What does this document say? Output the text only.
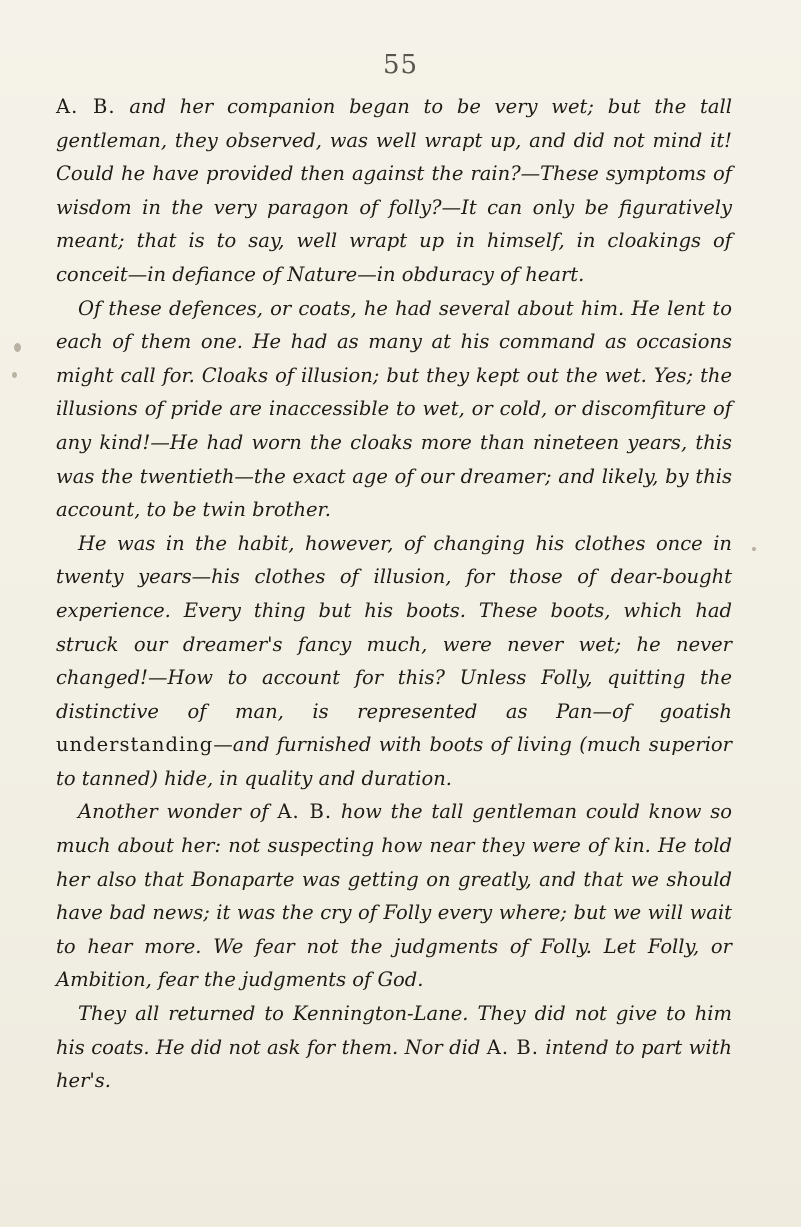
55

A. B. and her companion began to be very wet; but the tall gentleman, they observed, was well wrapt up, and did not mind it! Could he have provided then against the rain?—These symptoms of wisdom in the very paragon of folly?—It can only be figuratively meant; that is to say, well wrapt up in himself, in cloakings of conceit—in defiance of Nature—in obduracy of heart.

Of these defences, or coats, he had several about him. He lent to each of them one. He had as many at his command as occasions might call for. Cloaks of illusion; but they kept out the wet. Yes; the illusions of pride are inaccessible to wet, or cold, or discomfiture of any kind!—He had worn the cloaks more than nineteen years, this was the twentieth—the exact age of our dreamer; and likely, by this account, to be twin brother.

He was in the habit, however, of changing his clothes once in twenty years—his clothes of illusion, for those of dear-bought experience. Every thing but his boots. These boots, which had struck our dreamer's fancy much, were never wet; he never changed!—How to account for this? Unless Folly, quitting the distinctive of man, is represented as Pan—of goatish understanding—and furnished with boots of living (much superior to tanned) hide, in quality and duration.

Another wonder of A. B. how the tall gentleman could know so much about her: not suspecting how near they were of kin. He told her also that Bonaparte was getting on greatly, and that we should have bad news; it was the cry of Folly every where; but we will wait to hear more. We fear not the judgments of Folly. Let Folly, or Ambition, fear the judgments of God.

They all returned to Kennington-Lane. They did not give to him his coats. He did not ask for them. Nor did A. B. intend to part with her's.
